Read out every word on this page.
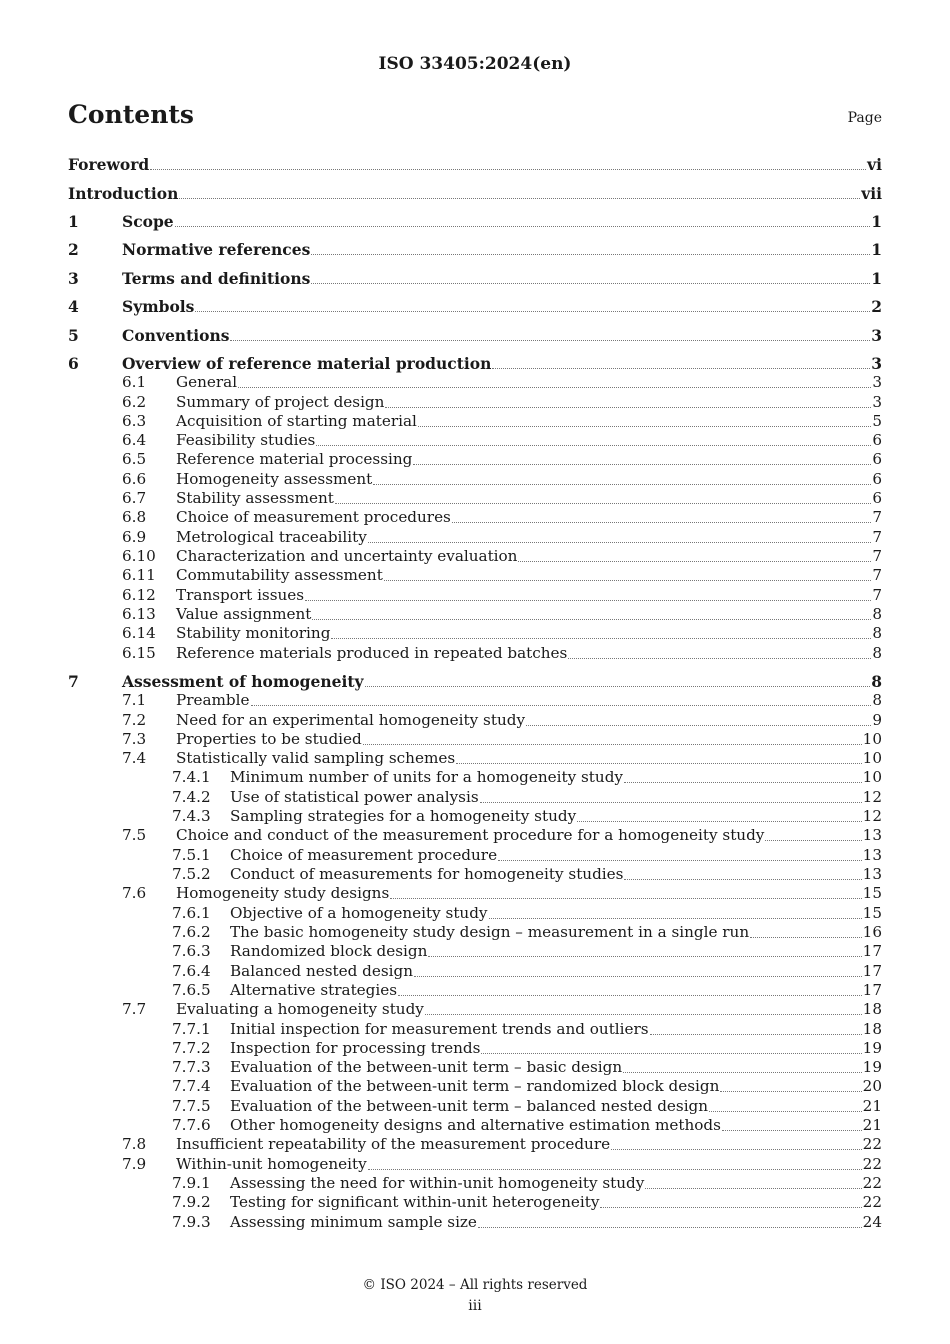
ISO 33405:2024(en)
Contents	Page
Foreword	vi
Introduction	vii
1	Scope	1
2	Normative references	1
3	Terms and definitions	1
4	Symbols	2
5	Conventions	3
6	Overview of reference material production	3
6.1	General	3
6.2	Summary of project design	3
6.3	Acquisition of starting material	5
6.4	Feasibility studies	6
6.5	Reference material processing	6
6.6	Homogeneity assessment	6
6.7	Stability assessment	6
6.8	Choice of measurement procedures	7
6.9	Metrological traceability	7
6.10	Characterization and uncertainty evaluation	7
6.11	Commutability assessment	7
6.12	Transport issues	7
6.13	Value assignment	8
6.14	Stability monitoring	8
6.15	Reference materials produced in repeated batches	8
7	Assessment of homogeneity	8
7.1	Preamble	8
7.2	Need for an experimental homogeneity study	9
7.3	Properties to be studied	10
7.4	Statistically valid sampling schemes	10
7.4.1	Minimum number of units for a homogeneity study	10
7.4.2	Use of statistical power analysis	12
7.4.3	Sampling strategies for a homogeneity study	12
7.5	Choice and conduct of the measurement procedure for a homogeneity study	13
7.5.1	Choice of measurement procedure	13
7.5.2	Conduct of measurements for homogeneity studies	13
7.6	Homogeneity study designs	15
7.6.1	Objective of a homogeneity study	15
7.6.2	The basic homogeneity study design – measurement in a single run	16
7.6.3	Randomized block design	17
7.6.4	Balanced nested design	17
7.6.5	Alternative strategies	17
7.7	Evaluating a homogeneity study	18
7.7.1	Initial inspection for measurement trends and outliers	18
7.7.2	Inspection for processing trends	19
7.7.3	Evaluation of the between-unit term – basic design	19
7.7.4	Evaluation of the between-unit term – randomized block design	20
7.7.5	Evaluation of the between-unit term – balanced nested design	21
7.7.6	Other homogeneity designs and alternative estimation methods	21
7.8	Insufficient repeatability of the measurement procedure	22
7.9	Within-unit homogeneity	22
7.9.1	Assessing the need for within-unit homogeneity study	22
7.9.2	Testing for significant within-unit heterogeneity	22
7.9.3	Assessing minimum sample size	24
© ISO 2024 – All rights reserved
iii
